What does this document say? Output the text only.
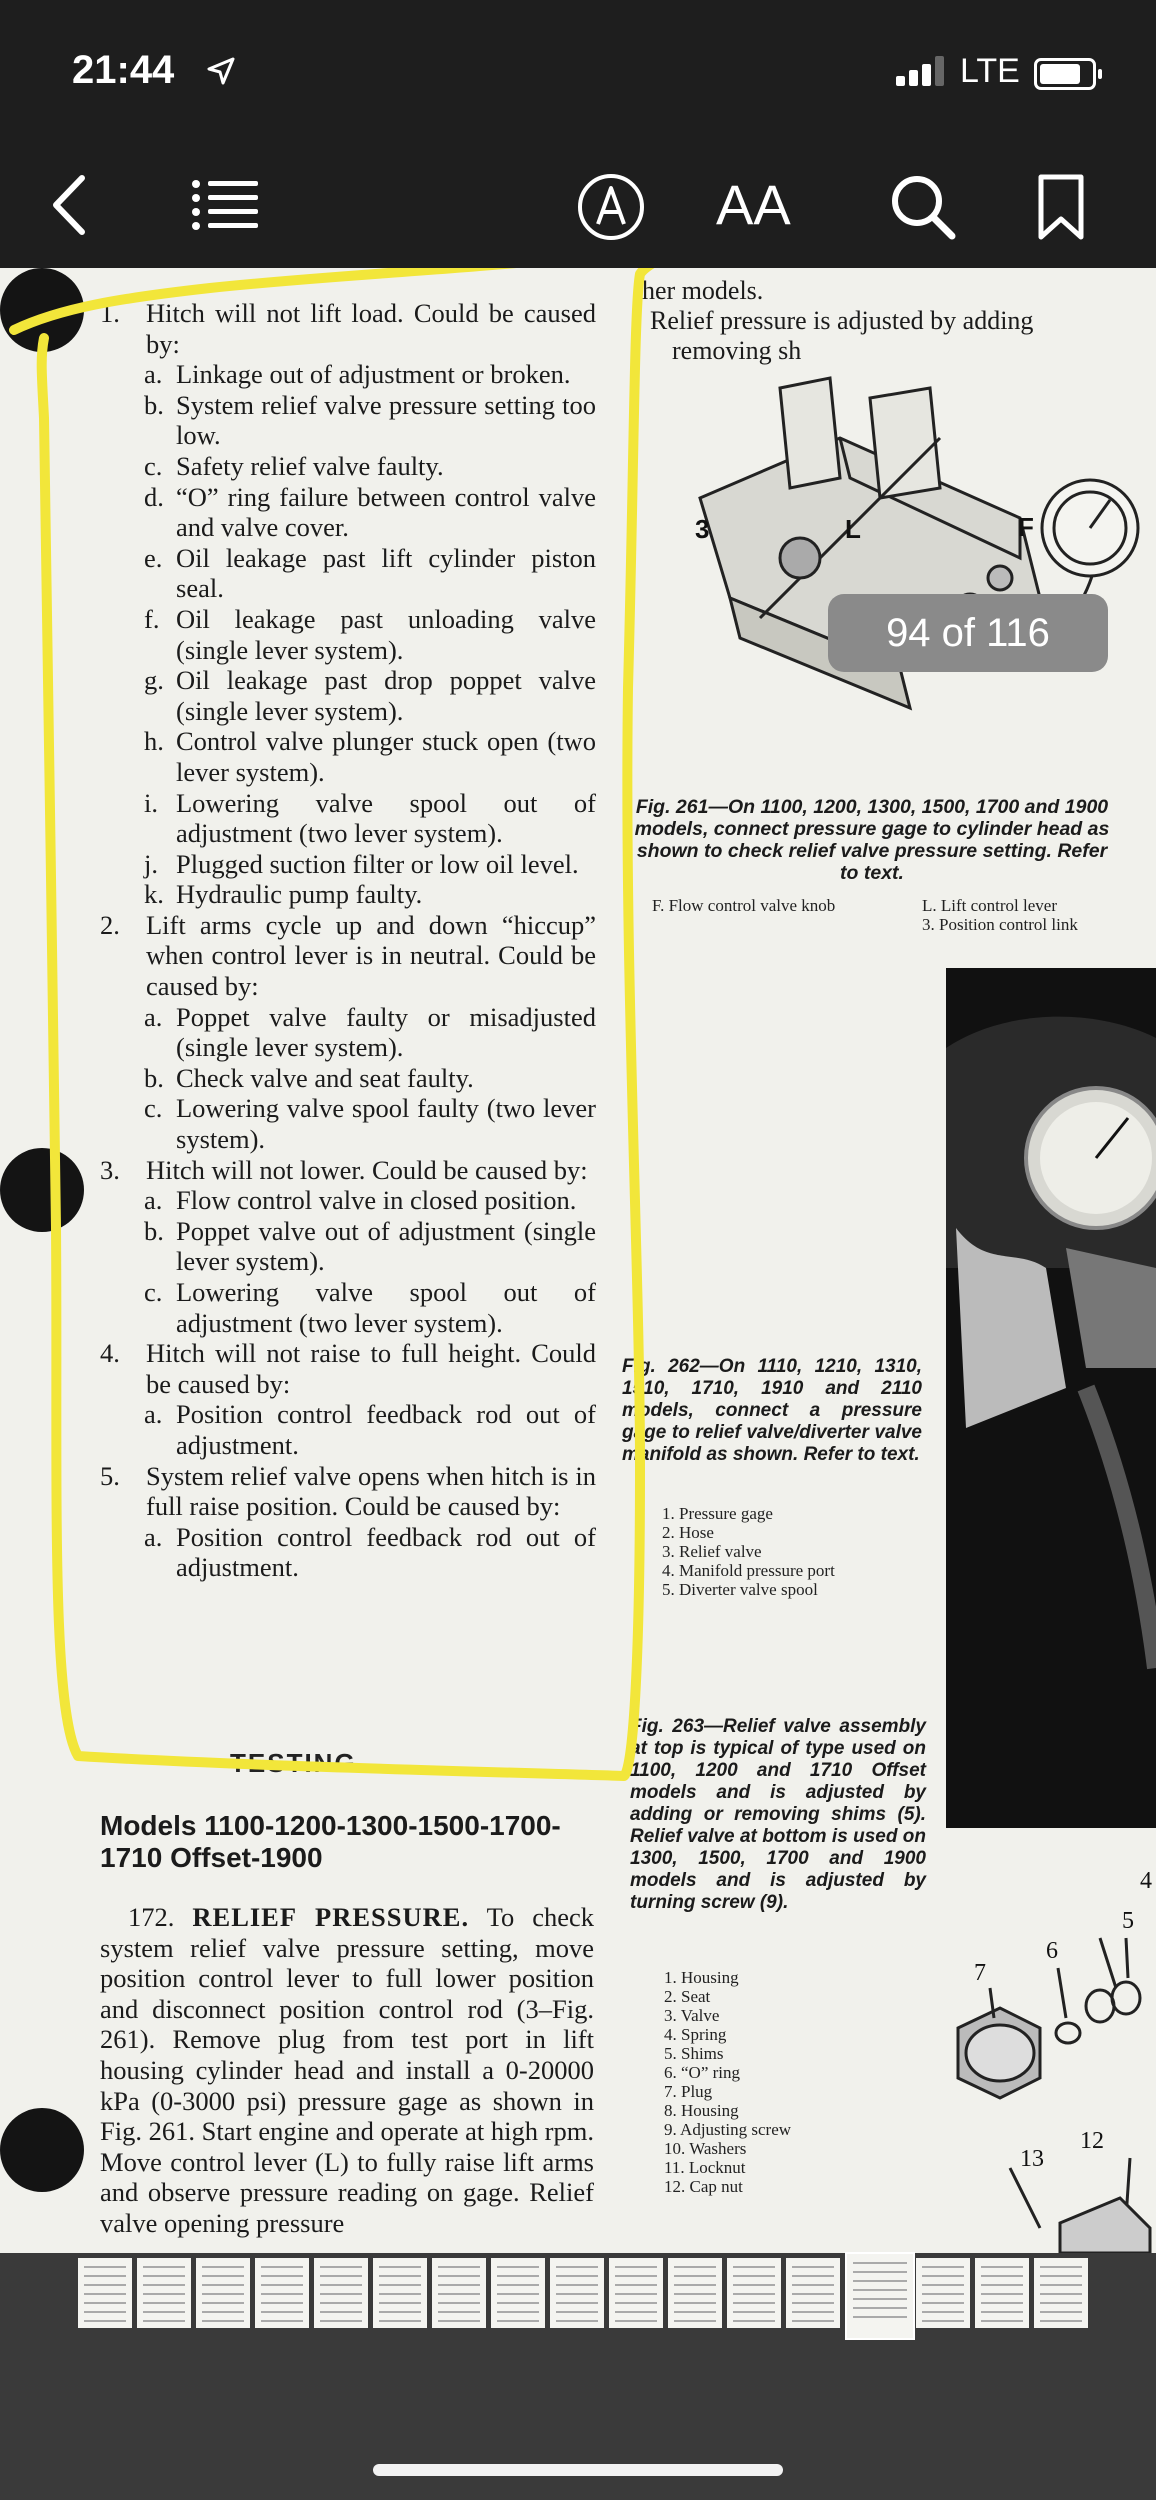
21:44	LTE
AA
1. Hitch will not lift load. Could be caused by:
a. Linkage out of adjustment or broken.
b. System relief valve pressure setting too low.
c. Safety relief valve faulty.
d. “O” ring failure between control valve and valve cover.
e. Oil leakage past lift cylinder piston seal.
f. Oil leakage past unloading valve (single lever system).
g. Oil leakage past drop poppet valve (single lever system).
h. Control valve plunger stuck open (two lever system).
i. Lowering valve spool out of adjustment (two lever system).
j. Plugged suction filter or low oil level.
k. Hydraulic pump faulty.
2. Lift arms cycle up and down “hiccup” when control lever is in neutral. Could be caused by:
a. Poppet valve faulty or misadjusted (single lever system).
b. Check valve and seat faulty.
c. Lowering valve spool faulty (two lever system).
3. Hitch will not lower. Could be caused by:
a. Flow control valve in closed position.
b. Poppet valve out of adjustment (single lever system).
c. Lowering valve spool out of adjustment (two lever system).
4. Hitch will not raise to full height. Could be caused by:
a. Position control feedback rod out of adjustment.
5. System relief valve opens when hitch is in full raise position. Could be caused by:
a. Position control feedback rod out of adjustment.
TESTING
Models 1100-1200-1300-1500-1700-1710 Offset-1900
172. RELIEF PRESSURE. To check system relief valve pressure setting, move position control lever to full lower position and disconnect position control rod (3–Fig. 261). Remove plug from test port in lift housing cylinder head and install a 0-20000 kPa (0-3000 psi) pressure gage as shown in Fig. 261. Start engine and operate at high rpm. Move control lever (L) to fully raise lift arms and observe pressure reading on gage. Relief valve opening pressure
her models.
Relief pressure is adjusted by adding
removing sh
3	L	F
Fig. 261—On 1100, 1200, 1300, 1500, 1700 and 1900 models, connect pressure gage to cylinder head as shown to check relief valve pressure setting. Refer to text.
F. Flow control valve knob	L. Lift control lever
3. Position control link
Fig. 262—On 1110, 1210, 1310, 1510, 1710, 1910 and 2110 models, connect a pressure gage to relief valve/diverter valve manifold as shown. Refer to text.
1. Pressure gage
2. Hose
3. Relief valve
4. Manifold pressure port
5. Diverter valve spool
Fig. 263—Relief valve assembly at top is typical of type used on 1100, 1200 and 1710 Offset models and is adjusted by adding or removing shims (5). Relief valve at bottom is used on 1300, 1500, 1700 and 1900 models and is adjusted by turning screw (9).
1. Housing
2. Seat
3. Valve
4. Spring
5. Shims
6. “O” ring
7. Plug
8. Housing
9. Adjusting screw
10. Washers
11. Locknut
12. Cap nut
5
6
7
12
13
4
94 of 116
